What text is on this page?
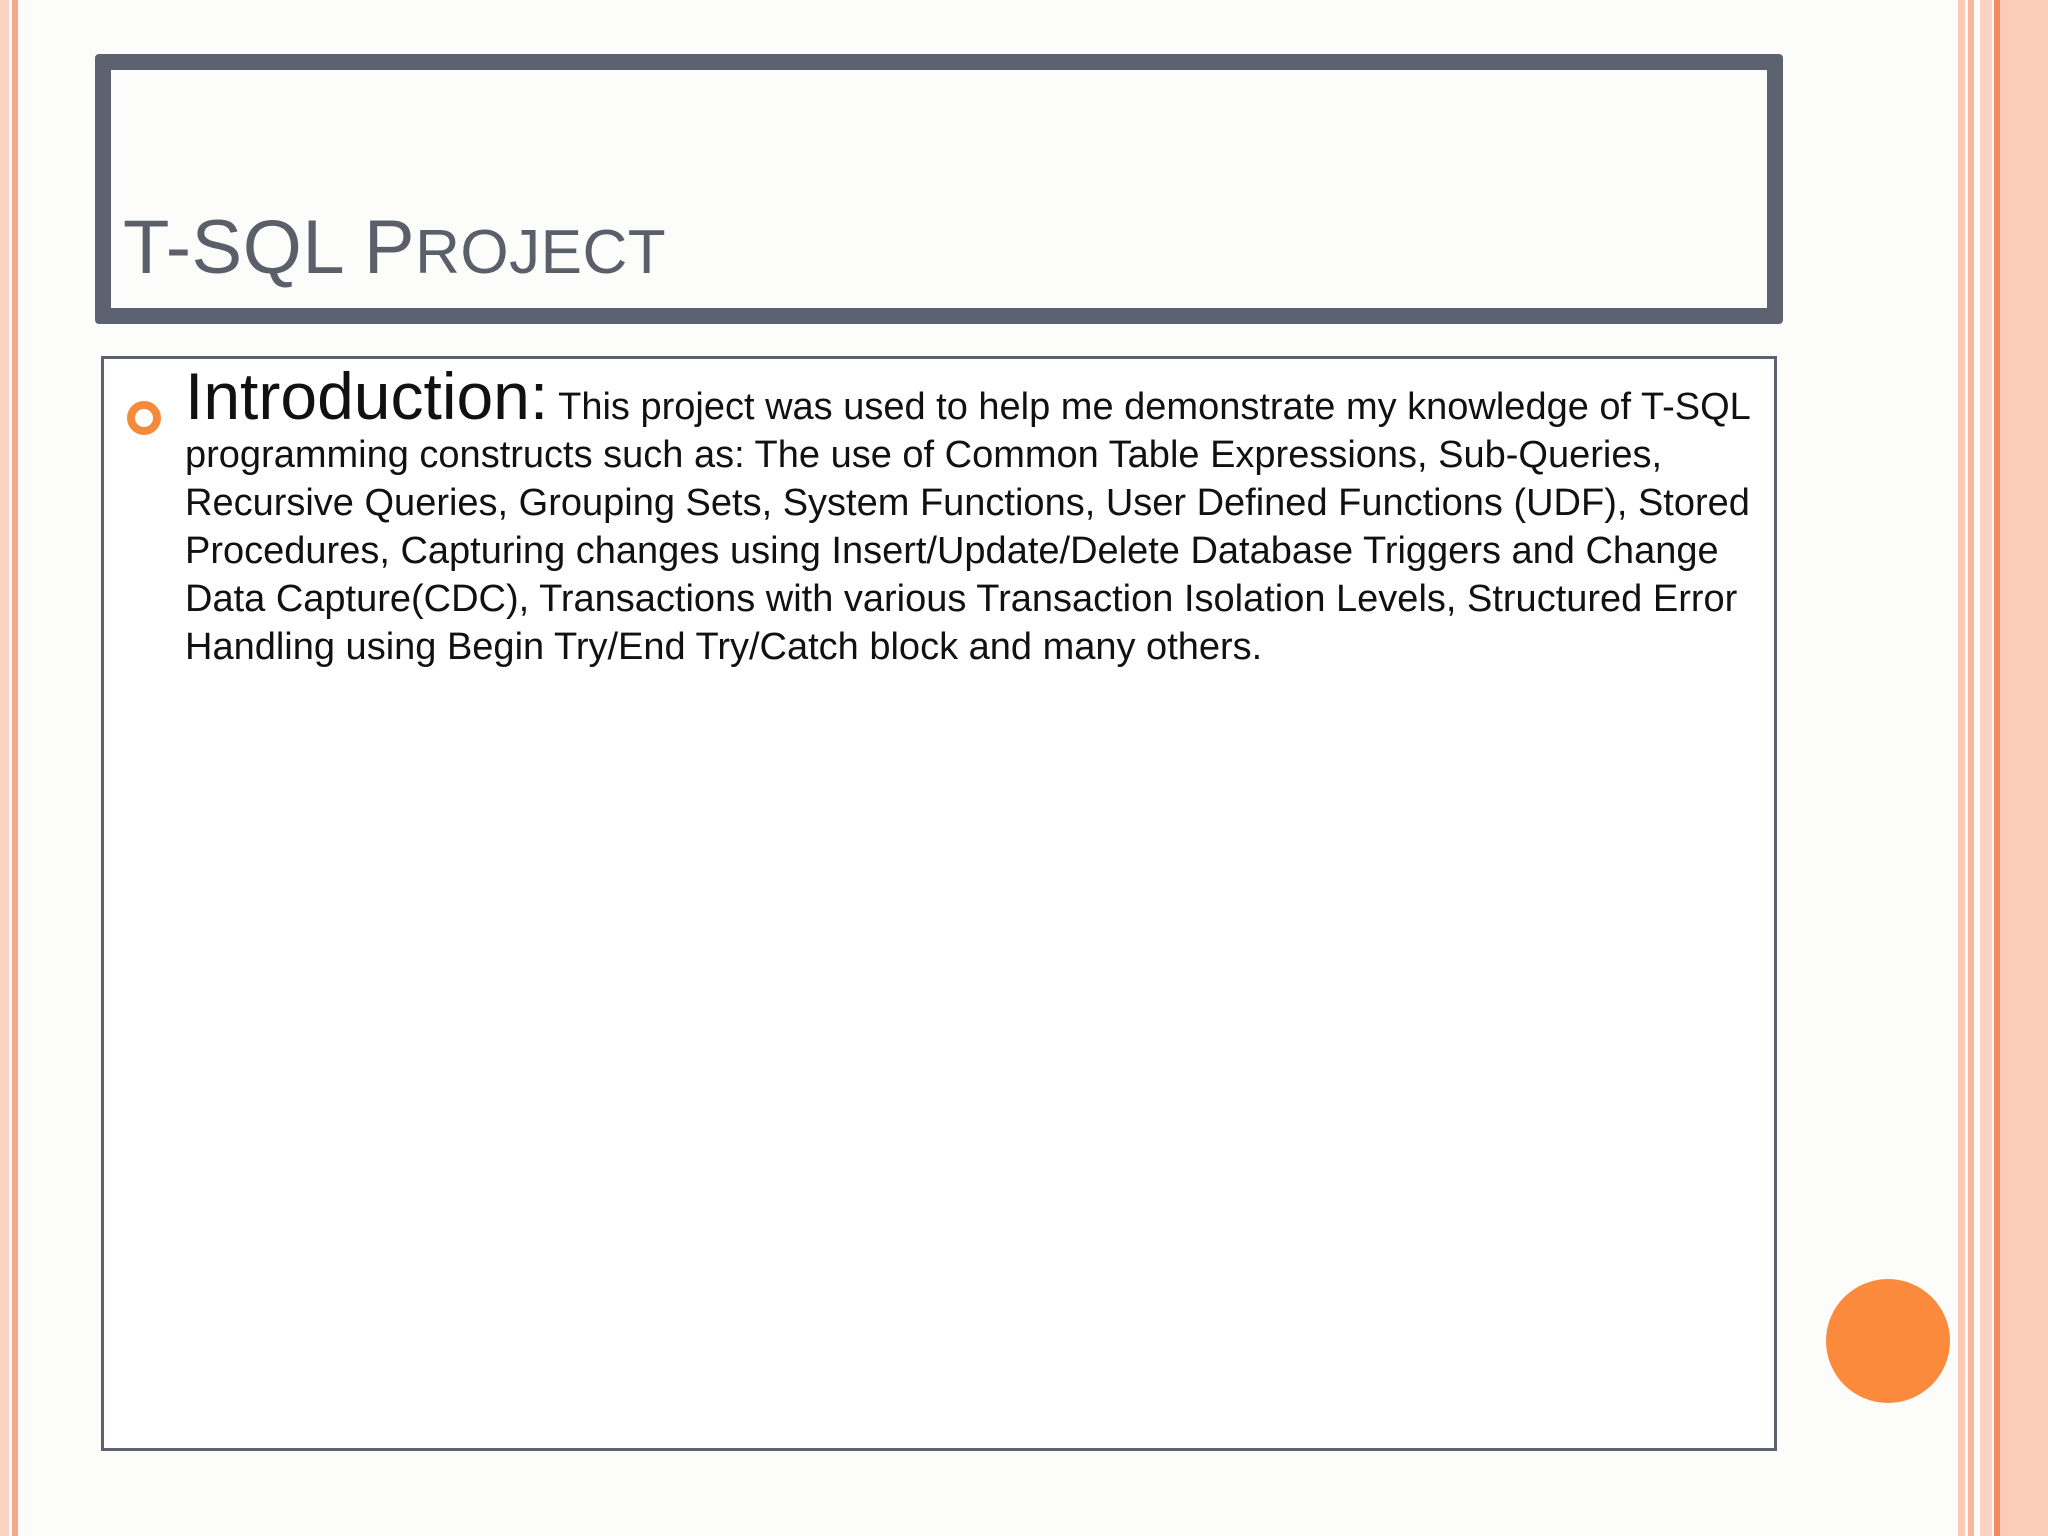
T-SQL PROJECT

Introduction: This project was used to help me demonstrate my knowledge of T-SQL programming constructs such as: The use of Common Table Expressions, Sub-Queries, Recursive Queries, Grouping Sets, System Functions, User Defined Functions (UDF), Stored Procedures, Capturing changes using Insert/Update/Delete Database Triggers and Change Data Capture(CDC), Transactions with various Transaction Isolation Levels, Structured Error Handling using Begin Try/End Try/Catch block and many others.
